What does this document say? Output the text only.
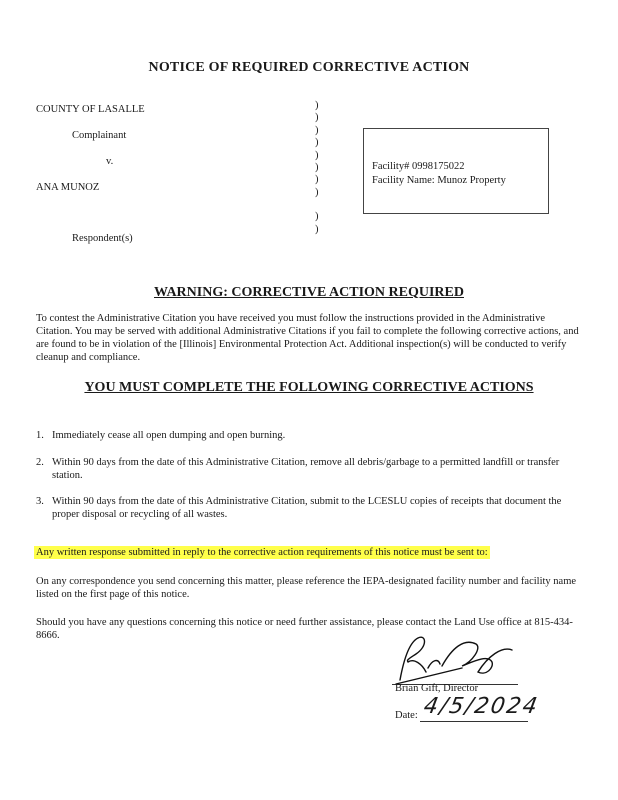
NOTICE OF REQUIRED CORRECTIVE ACTION
COUNTY OF LASALLE
Complainant
v.
ANA MUNOZ
Respondent(s)
)
)
)
)
)
)
)
)
)
)
Facility# 0998175022
Facility Name: Munoz Property
WARNING: CORRECTIVE ACTION REQUIRED
To contest the Administrative Citation you have received you must follow the instructions provided in the Administrative Citation. You may be served with additional Administrative Citations if you fail to complete the following corrective actions, and are found to be in violation of the [Illinois] Environmental Protection Act. Additional inspection(s) will be conducted to verify cleanup and compliance.
YOU MUST COMPLETE THE FOLLOWING CORRECTIVE ACTIONS
1. Immediately cease all open dumping and open burning.
2. Within 90 days from the date of this Administrative Citation, remove all debris/garbage to a permitted landfill or transfer station.
3. Within 90 days from the date of this Administrative Citation, submit to the LCESLU copies of receipts that document the proper disposal or recycling of all wastes.
Any written response submitted in reply to the corrective action requirements of this notice must be sent to:
On any correspondence you send concerning this matter, please reference the IEPA-designated facility number and facility name listed on the first page of this notice.
Should you have any questions concerning this notice or need further assistance, please contact the Land Use office at 815-434-8666.
Brian Gift, Director
Date: 4/5/2024
